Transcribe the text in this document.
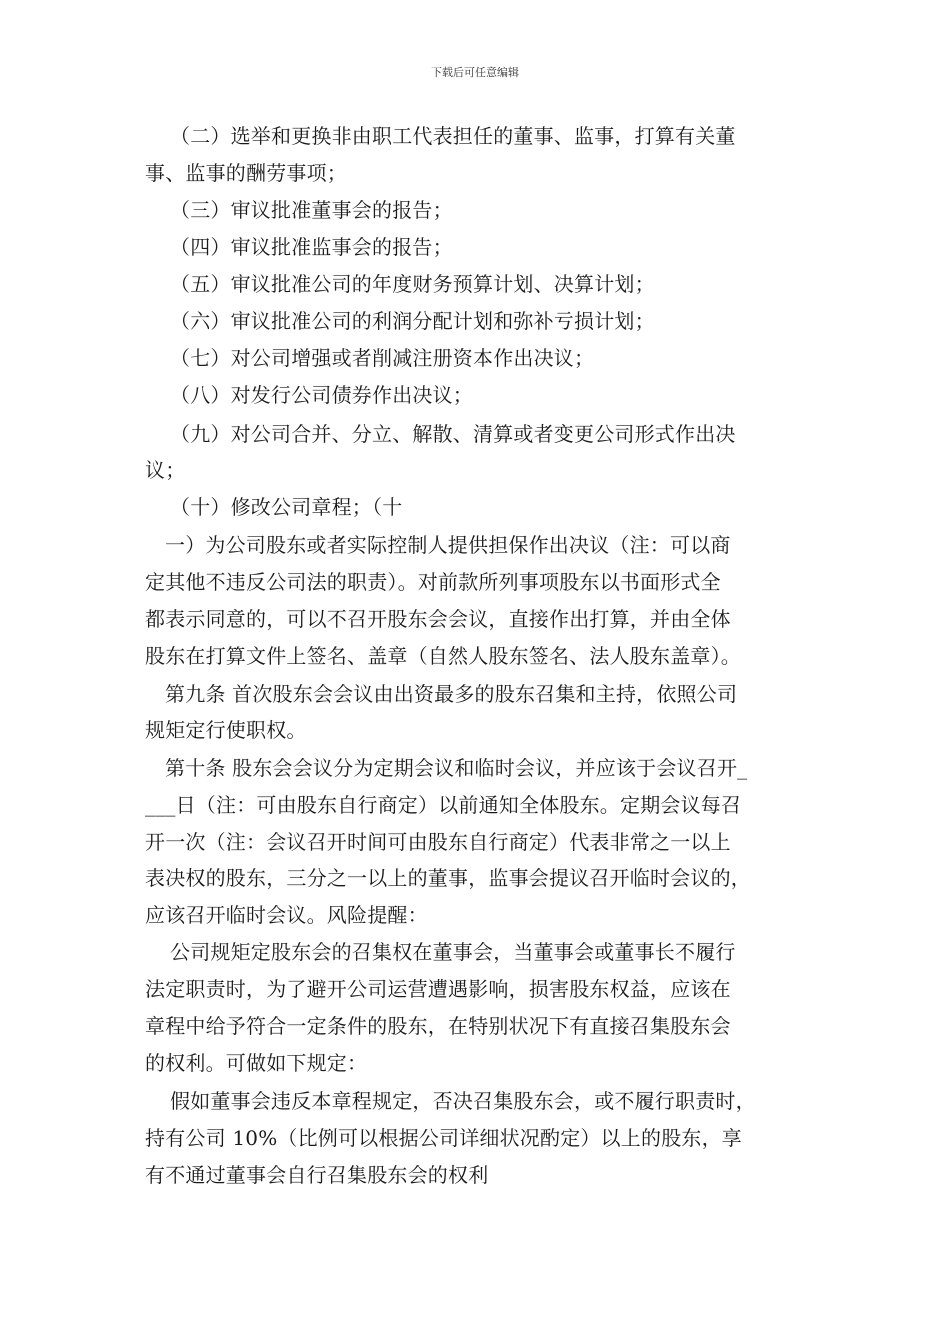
下载后可任意编辑
（二）选举和更换非由职工代表担任的董事、监事，打算有关董
事、监事的酬劳事项；
（三）审议批准董事会的报告；
（四）审议批准监事会的报告；
（五）审议批准公司的年度财务预算计划、决算计划；
（六）审议批准公司的利润分配计划和弥补亏损计划；
（七）对公司增强或者削减注册资本作出决议；
（八）对发行公司债券作出决议；
（九）对公司合并、分立、解散、清算或者变更公司形式作出决
议；
（十）修改公司章程；（十
一）为公司股东或者实际控制人提供担保作出决议（注：可以商
定其他不违反公司法的职责）。对前款所列事项股东以书面形式全
都表示同意的，可以不召开股东会会议，直接作出打算，并由全体
股东在打算文件上签名、盖章（自然人股东签名、法人股东盖章）。
第九条 首次股东会会议由出资最多的股东召集和主持，依照公司
规矩定行使职权。
第十条 股东会会议分为定期会议和临时会议，并应该于会议召开_
___日（注：可由股东自行商定）以前通知全体股东。定期会议每召
开一次（注：会议召开时间可由股东自行商定）代表非常之一以上
表决权的股东，三分之一以上的董事，监事会提议召开临时会议的，
应该召开临时会议。风险提醒：
公司规矩定股东会的召集权在董事会，当董事会或董事长不履行
法定职责时，为了避开公司运营遭遇影响，损害股东权益，应该在
章程中给予符合一定条件的股东，在特别状况下有直接召集股东会
的权利。可做如下规定：
假如董事会违反本章程规定，否决召集股东会，或不履行职责时，
持有公司 10%（比例可以根据公司详细状况酌定）以上的股东，享
有不通过董事会自行召集股东会的权利
